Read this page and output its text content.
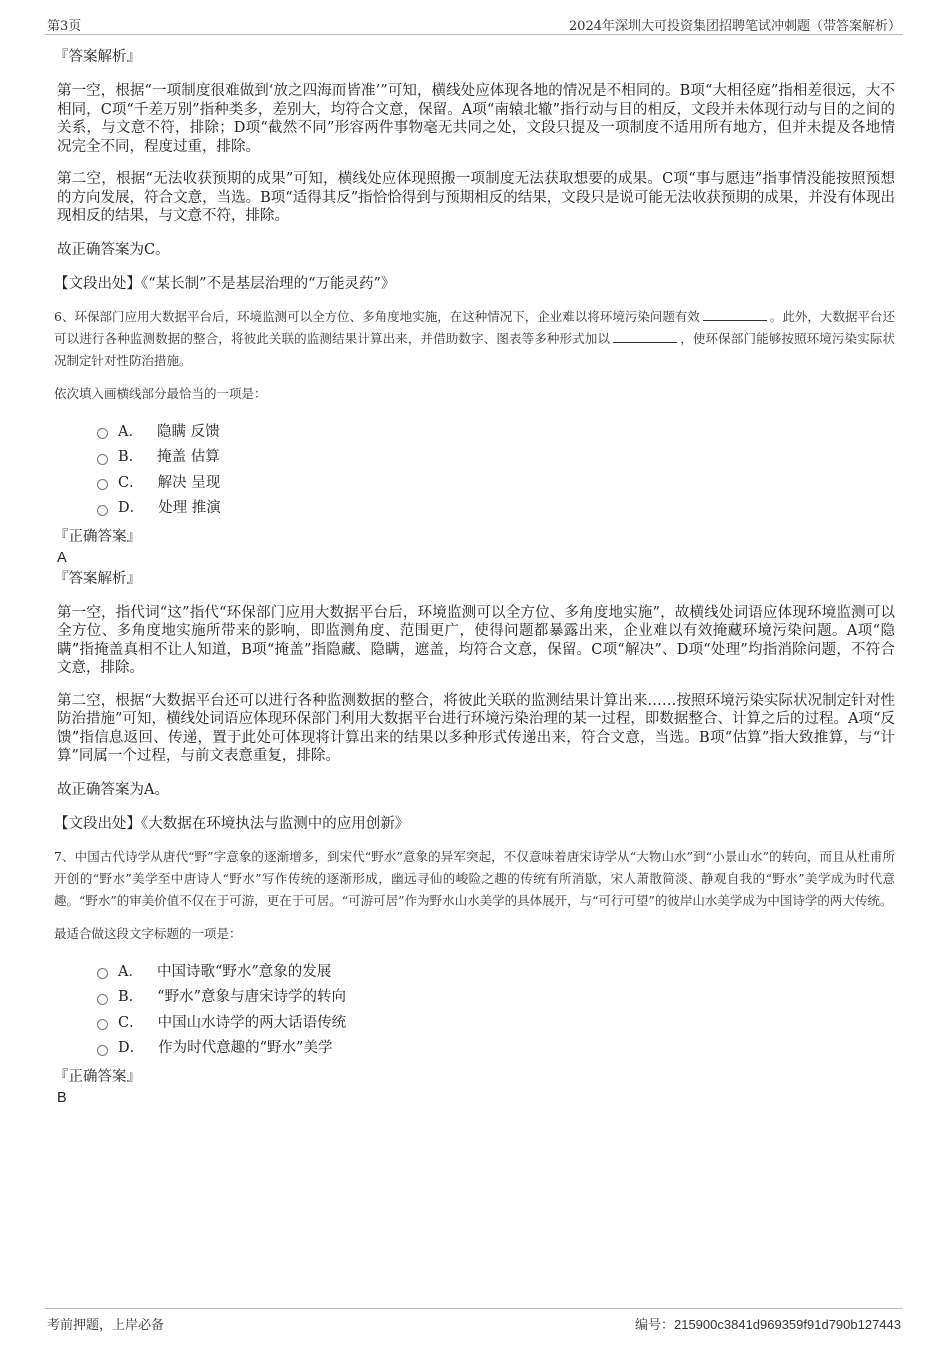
第3页	2024年深圳大可投资集团招聘笔试冲刺题（带答案解析）
『答案解析』

第一空，根据“一项制度很难做到‘放之四海而皆准’”可知，横线处应体现各地的情况是不相同的。B项“大相径庭”指相差很远，大不相同，C项“千差万别”指种类多，差别大，均符合文意，保留。A项“南辕北辙”指行动与目的相反，文段并未体现行动与目的之间的关系，与文意不符，排除；D项“截然不同”形容两件事物毫无共同之处，文段只提及一项制度不适用所有地方，但并未提及各地情况完全不同，程度过重，排除。

第二空，根据“无法收获预期的成果”可知，横线处应体现照搬一项制度无法获取想要的成果。C项“事与愿违”指事情没能按照预想的方向发展，符合文意，当选。B项“适得其反”指恰恰得到与预期相反的结果，文段只是说可能无法收获预期的成果，并没有体现出现相反的结果，与文意不符，排除。

故正确答案为C。

【文段出处】《“某长制”不是基层治理的“万能灵药”》

6、环保部门应用大数据平台后，环境监测可以全方位、多角度地实施，在这种情况下，企业难以将环境污染问题有效	。此外，大数据平台还可以进行各种监测数据的整合，将彼此关联的监测结果计算出来，并借助数字、图表等多种形式加以	，使环保部门能够按照环境污染实际状况制定针对性防治措施。

依次填入画横线部分最恰当的一项是：

A． 隐瞒 反馈
B． 掩盖 估算
C． 解决 呈现
D． 处理 推演
『正确答案』
A
『答案解析』

第一空，指代词“这”指代“环保部门应用大数据平台后，环境监测可以全方位、多角度地实施”，故横线处词语应体现环境监测可以全方位、多角度地实施所带来的影响，即监测角度、范围更广，使得问题都暴露出来，企业难以有效掩藏环境污染问题。A项“隐瞒”指掩盖真相不让人知道，B项“掩盖”指隐藏、隐瞒，遮盖，均符合文意，保留。C项“解决”、D项“处理”均指消除问题，不符合文意，排除。

第二空，根据“大数据平台还可以进行各种监测数据的整合，将彼此关联的监测结果计算出来……按照环境污染实际状况制定针对性防治措施”可知，横线处词语应体现环保部门利用大数据平台进行环境污染治理的某一过程，即数据整合、计算之后的过程。A项“反馈”指信息返回、传递，置于此处可体现将计算出来的结果以多种形式传递出来，符合文意，当选。B项“估算”指大致推算，与“计算”同属一个过程，与前文表意重复，排除。

故正确答案为A。

【文段出处】《大数据在环境执法与监测中的应用创新》

7、中国古代诗学从唐代“野”字意象的逐渐增多，到宋代“野水”意象的异军突起，不仅意味着唐宋诗学从“大物山水”到“小景山水”的转向，而且从杜甫所开创的“野水”美学至中唐诗人“野水”写作传统的逐渐形成，幽远寻仙的峻险之趣的传统有所消歇，宋人萧散简淡、静观自我的“野水”美学成为时代意趣。“野水”的审美价值不仅在于可游，更在于可居。“可游可居”作为野水山水美学的具体展开，与“可行可望”的彼岸山水美学成为中国诗学的两大传统。

最适合做这段文字标题的一项是：

A． 中国诗歌“野水”意象的发展
B． “野水”意象与唐宋诗学的转向
C． 中国山水诗学的两大话语传统
D． 作为时代意趣的“野水”美学
『正确答案』
B
考前押题，上岸必备	编号：215900c3841d969359f91d790b127443
